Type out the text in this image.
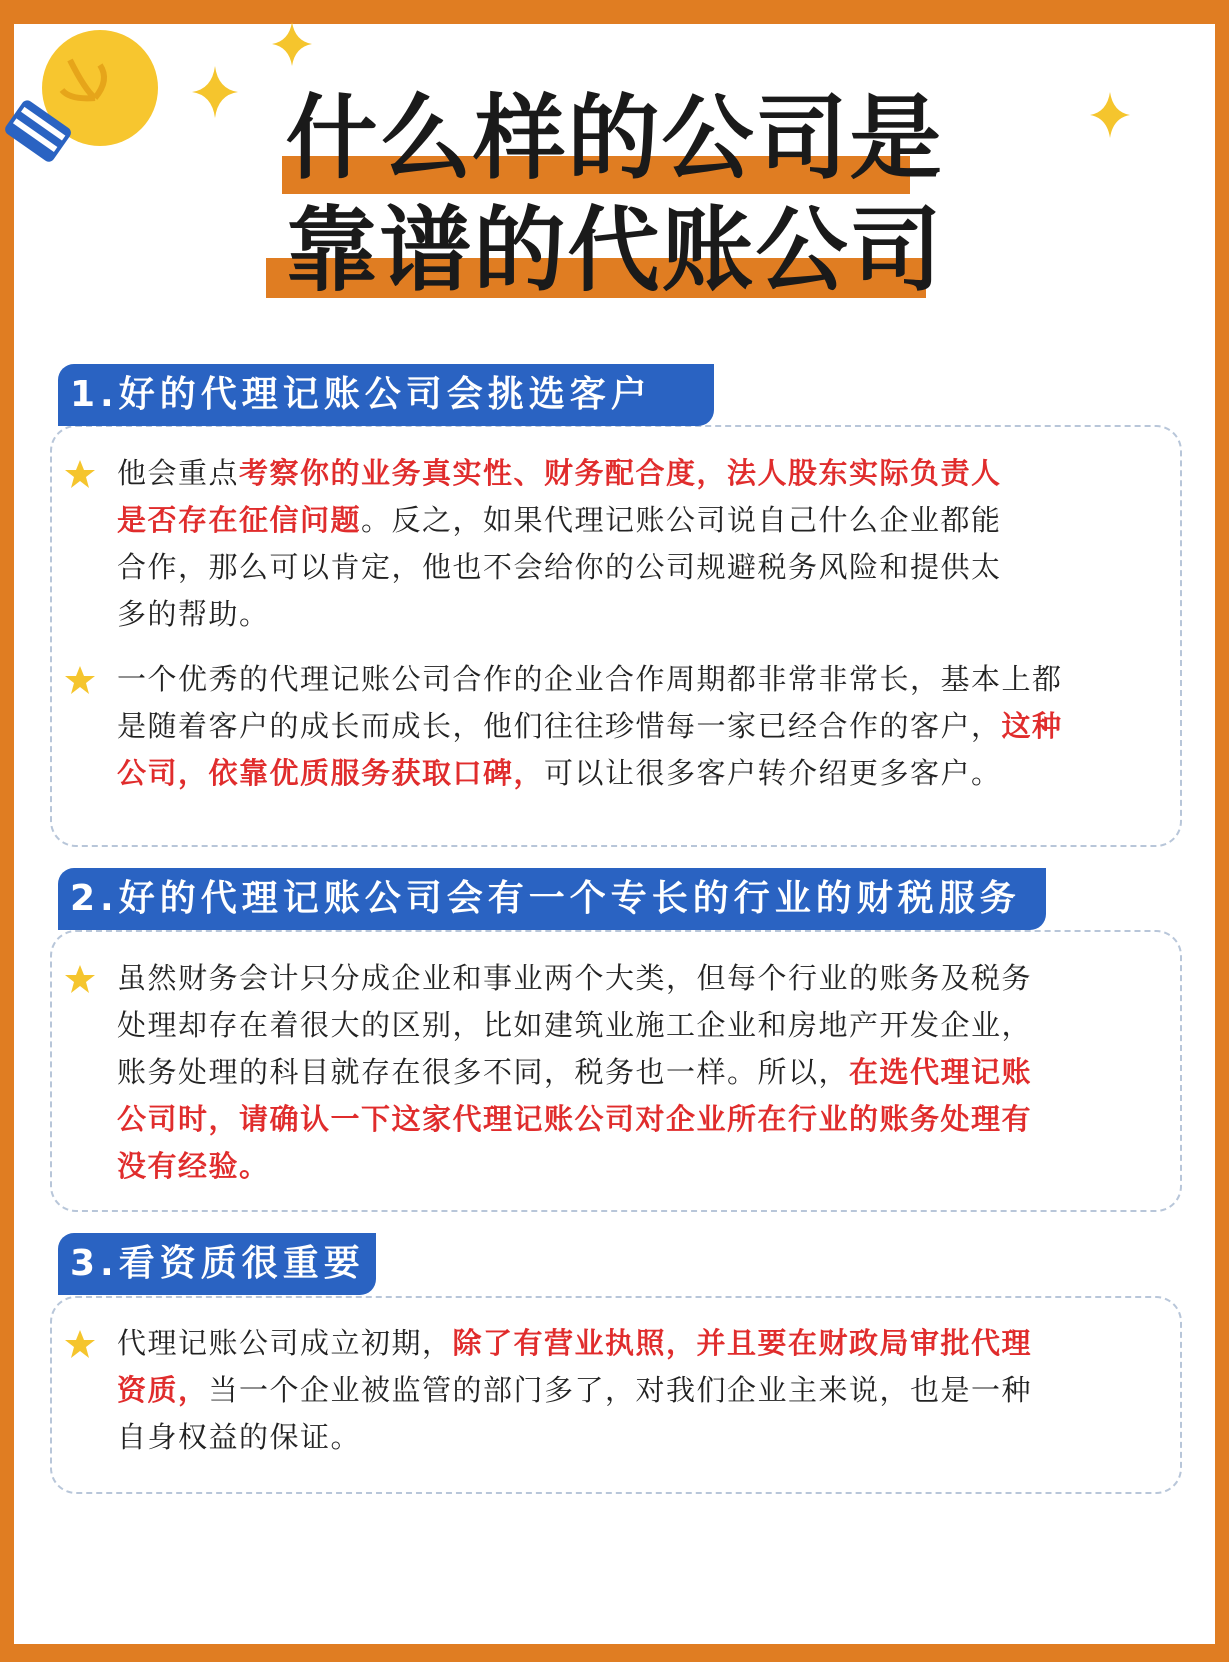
什么样的公司是
靠谱的代账公司
1.好的代理记账公司会挑选客户
他会重点考察你的业务真实性、财务配合度，法人股东实际负责人
是否存在征信问题。反之，如果代理记账公司说自己什么企业都能
合作，那么可以肯定，他也不会给你的公司规避税务风险和提供太
多的帮助。
一个优秀的代理记账公司合作的企业合作周期都非常非常长，基本上都
是随着客户的成长而成长，他们往往珍惜每一家已经合作的客户，这种
公司，依靠优质服务获取口碑，可以让很多客户转介绍更多客户。
2.好的代理记账公司会有一个专长的行业的财税服务
虽然财务会计只分成企业和事业两个大类，但每个行业的账务及税务
处理却存在着很大的区别，比如建筑业施工企业和房地产开发企业，
账务处理的科目就存在很多不同，税务也一样。所以，在选代理记账
公司时，请确认一下这家代理记账公司对企业所在行业的账务处理有
没有经验。
3.看资质很重要
代理记账公司成立初期，除了有营业执照，并且要在财政局审批代理
资质，当一个企业被监管的部门多了，对我们企业主来说，也是一种
自身权益的保证。
